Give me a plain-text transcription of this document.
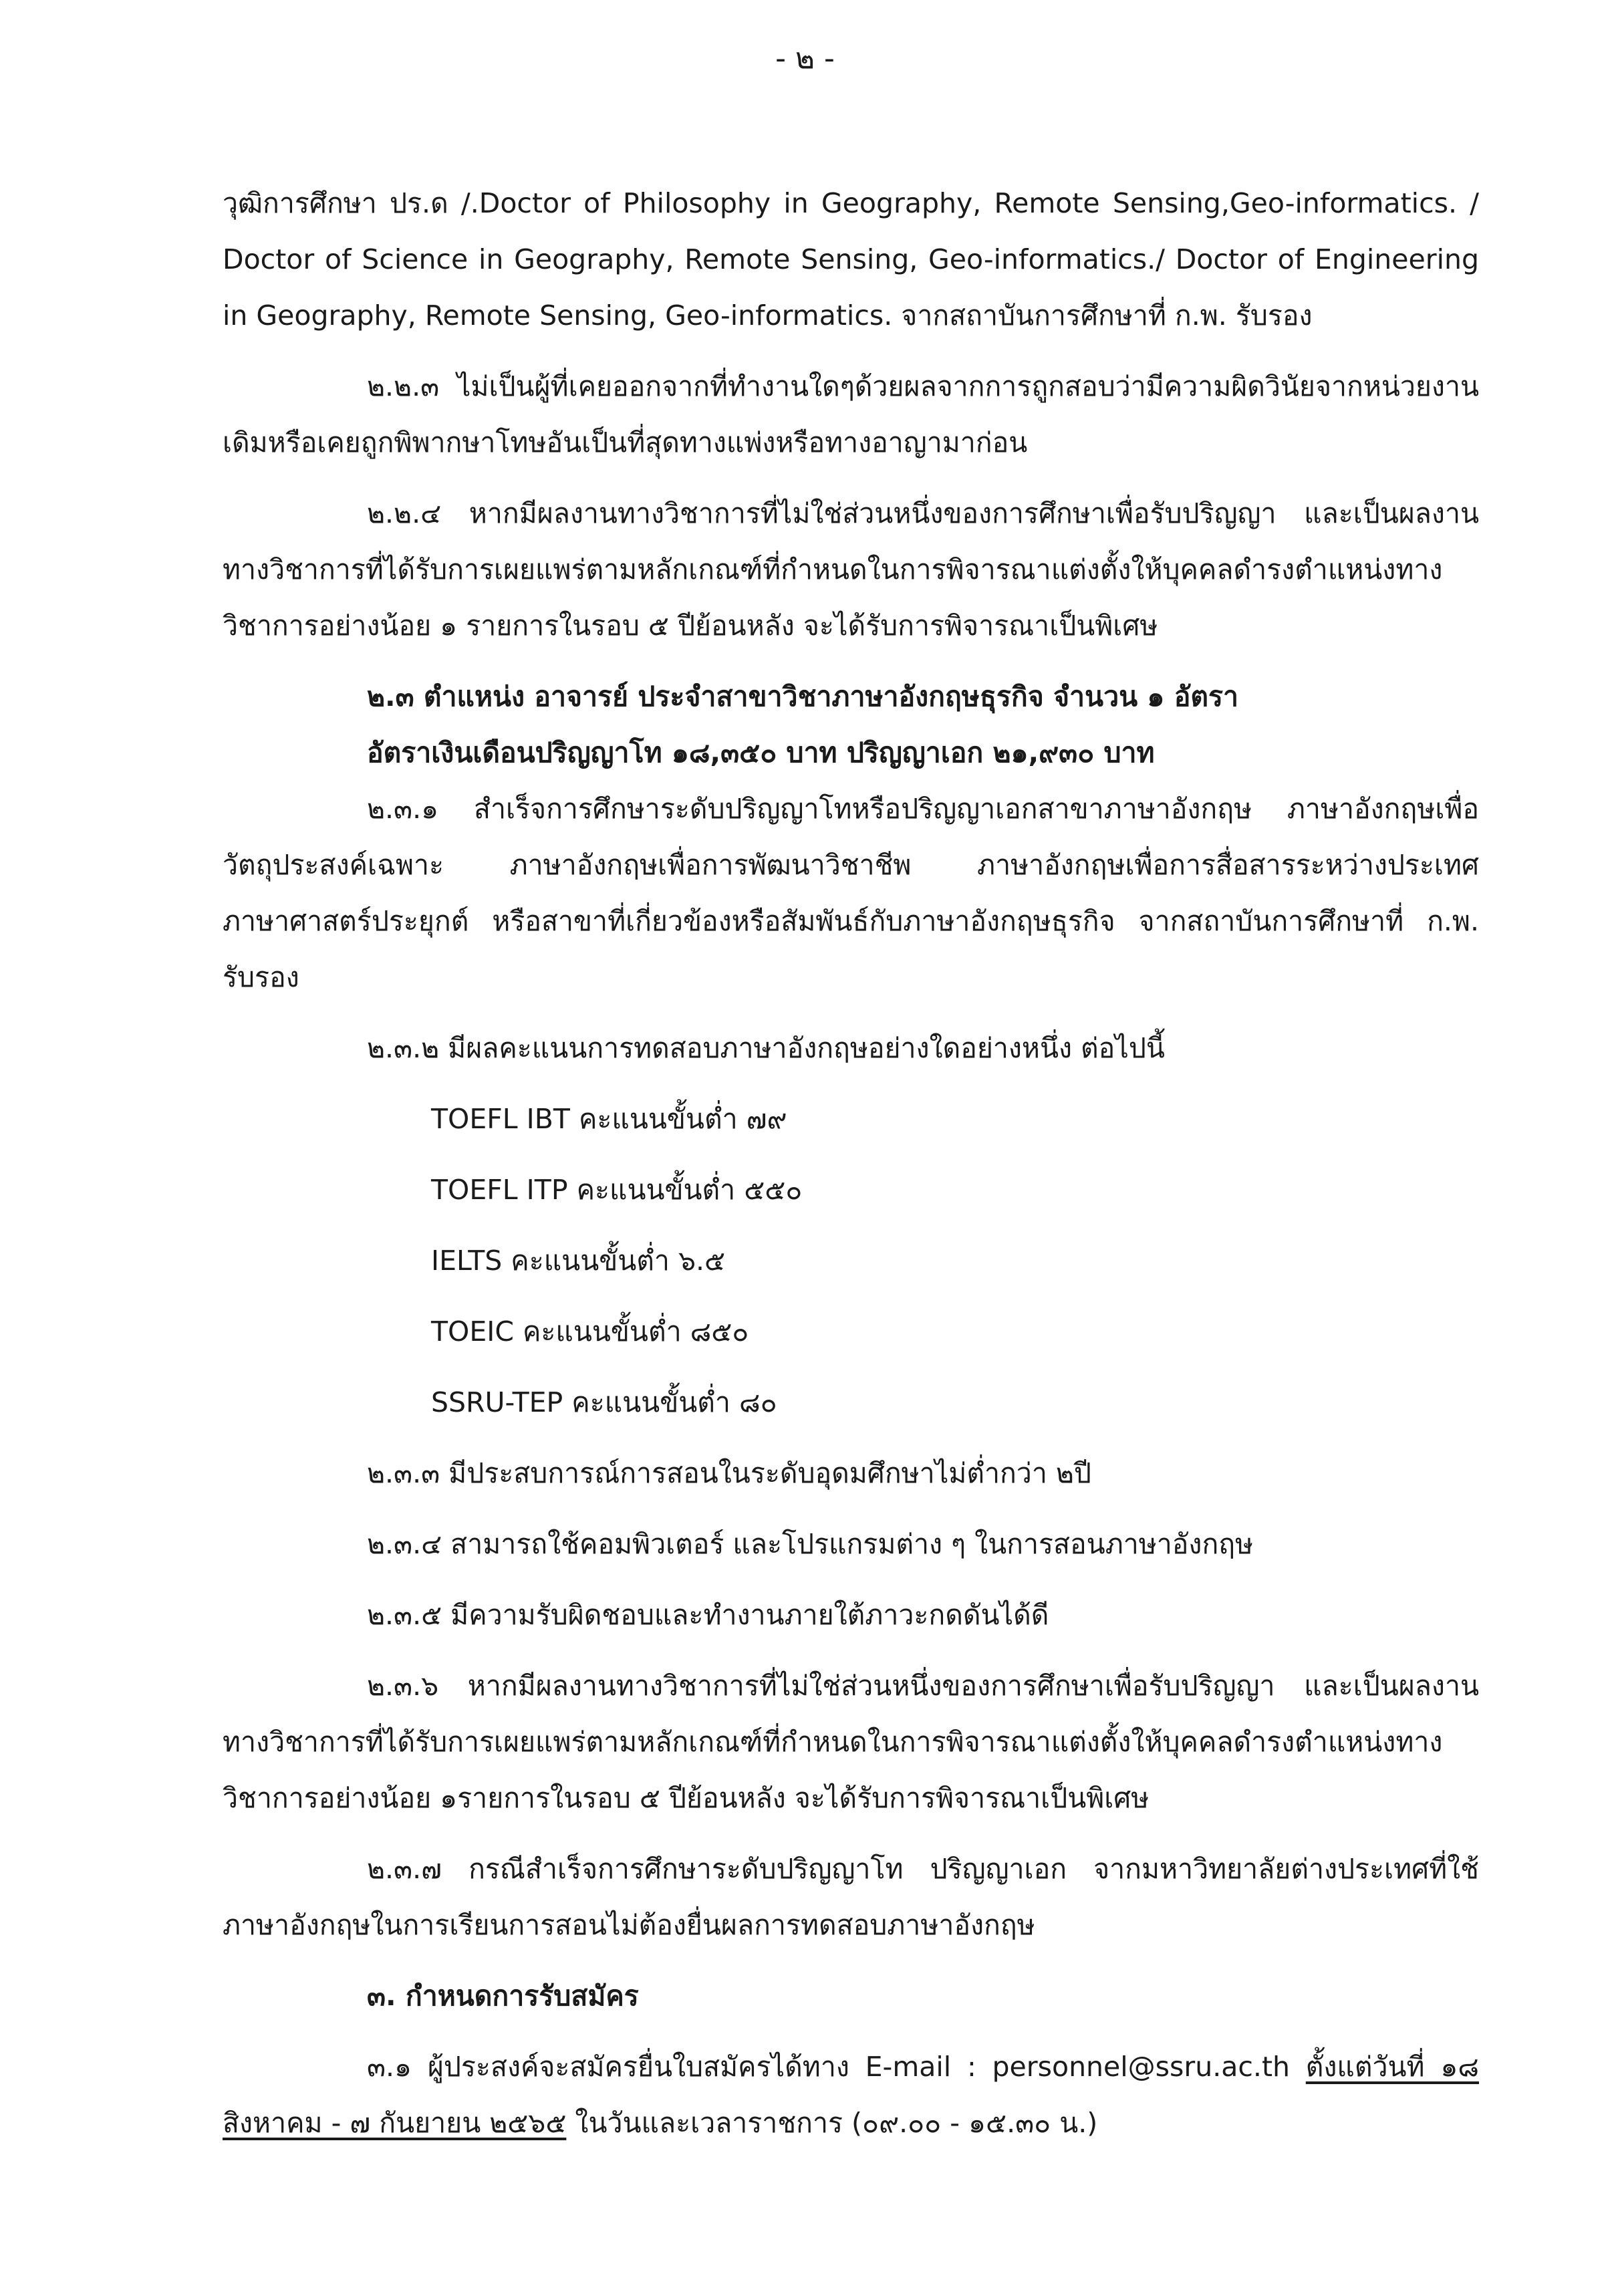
- ๒ -

วุฒิการศึกษา ปร.ด /.Doctor of Philosophy in Geography, Remote Sensing,Geo-informatics. / Doctor of Science in Geography, Remote Sensing, Geo-informatics./ Doctor of Engineering in Geography, Remote Sensing, Geo-informatics. จากสถาบันการศึกษาที่ ก.พ. รับรอง

๒.๒.๓ ไม่เป็นผู้ที่เคยออกจากที่ทำงานใดๆด้วยผลจากการถูกสอบว่ามีความผิดวินัยจากหน่วยงานเดิมหรือเคยถูกพิพากษาโทษอันเป็นที่สุดทางแพ่งหรือทางอาญามาก่อน

๒.๒.๔ หากมีผลงานทางวิชาการที่ไม่ใช่ส่วนหนึ่งของการศึกษาเพื่อรับปริญญา และเป็นผลงานทางวิชาการที่ได้รับการเผยแพร่ตามหลักเกณฑ์ที่กำหนดในการพิจารณาแต่งตั้งให้บุคคลดำรงตำแหน่งทางวิชาการอย่างน้อย ๑ รายการในรอบ ๕ ปีย้อนหลัง จะได้รับการพิจารณาเป็นพิเศษ

๒.๓ ตำแหน่ง อาจารย์ ประจำสาขาวิชาภาษาอังกฤษธุรกิจ จำนวน ๑ อัตรา

อัตราเงินเดือนปริญญาโท ๑๘,๓๕๐ บาท ปริญญาเอก ๒๑,๙๓๐ บาท

๒.๓.๑ สำเร็จการศึกษาระดับปริญญาโทหรือปริญญาเอกสาขาภาษาอังกฤษ ภาษาอังกฤษเพื่อวัตถุประสงค์เฉพาะ ภาษาอังกฤษเพื่อการพัฒนาวิชาชีพ ภาษาอังกฤษเพื่อการสื่อสารระหว่างประเทศ ภาษาศาสตร์ประยุกต์ หรือสาขาที่เกี่ยวข้องหรือสัมพันธ์กับภาษาอังกฤษธุรกิจ จากสถาบันการศึกษาที่ ก.พ. รับรอง

๒.๓.๒ มีผลคะแนนการทดสอบภาษาอังกฤษอย่างใดอย่างหนึ่ง ต่อไปนี้

TOEFL IBT คะแนนขั้นต่ำ ๗๙

TOEFL ITP คะแนนขั้นต่ำ ๕๕๐

IELTS คะแนนขั้นต่ำ ๖.๕

TOEIC คะแนนขั้นต่ำ ๘๕๐

SSRU-TEP คะแนนขั้นต่ำ ๘๐

๒.๓.๓ มีประสบการณ์การสอนในระดับอุดมศึกษาไม่ต่ำกว่า ๒ปี

๒.๓.๔ สามารถใช้คอมพิวเตอร์ และโปรแกรมต่าง ๆ ในการสอนภาษาอังกฤษ

๒.๓.๕ มีความรับผิดชอบและทำงานภายใต้ภาวะกดดันได้ดี

๒.๓.๖ หากมีผลงานทางวิชาการที่ไม่ใช่ส่วนหนึ่งของการศึกษาเพื่อรับปริญญา และเป็นผลงานทางวิชาการที่ได้รับการเผยแพร่ตามหลักเกณฑ์ที่กำหนดในการพิจารณาแต่งตั้งให้บุคคลดำรงตำแหน่งทางวิชาการอย่างน้อย ๑รายการในรอบ ๕ ปีย้อนหลัง จะได้รับการพิจารณาเป็นพิเศษ

๒.๓.๗ กรณีสำเร็จการศึกษาระดับปริญญาโท ปริญญาเอก จากมหาวิทยาลัยต่างประเทศที่ใช้ภาษาอังกฤษในการเรียนการสอนไม่ต้องยื่นผลการทดสอบภาษาอังกฤษ

๓. กำหนดการรับสมัคร

๓.๑ ผู้ประสงค์จะสมัครยื่นใบสมัครได้ทาง E-mail : personnel@ssru.ac.th ตั้งแต่วันที่ ๑๘ สิงหาคม - ๗ กันยายน ๒๕๖๕ ในวันและเวลาราชการ (๐๙.๐๐ - ๑๕.๓๐ น.)
